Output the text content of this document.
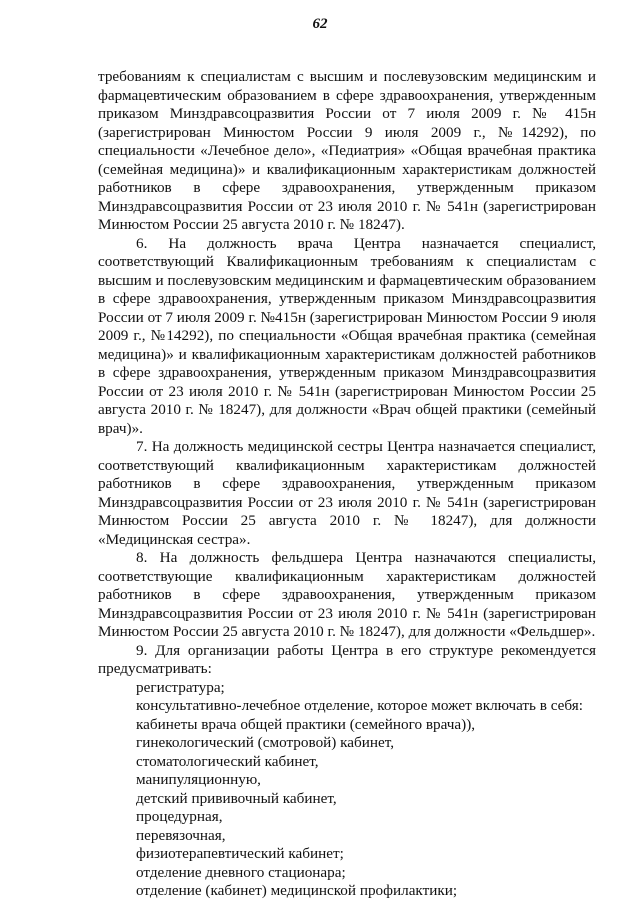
62

требованиям к специалистам с высшим и послевузовским медицинским и фармацевтическим образованием в сфере здравоохранения, утвержденным приказом Минздравсоцразвития России от 7 июля 2009 г. № 415н (зарегистрирован Минюстом России 9 июля 2009 г., №14292), по специальности «Лечебное дело», «Педиатрия» «Общая врачебная практика (семейная медицина)» и квалификационным характеристикам должностей работников в сфере здравоохранения, утвержденным приказом Минздравсоцразвития России от 23 июля 2010 г. № 541н (зарегистрирован Минюстом России 25 августа 2010 г. № 18247).

6. На должность врача Центра назначается специалист, соответствующий Квалификационным требованиям к специалистам с высшим и послевузовским медицинским и фармацевтическим образованием в сфере здравоохранения, утвержденным приказом Минздравсоцразвития России от 7 июля 2009 г. №415н (зарегистрирован Минюстом России 9 июля 2009 г., №14292), по специальности «Общая врачебная практика (семейная медицина)» и квалификационным характеристикам должностей работников в сфере здравоохранения, утвержденным приказом Минздравсоцразвития России от 23 июля 2010 г. № 541н (зарегистрирован Минюстом России 25 августа 2010 г. № 18247), для должности «Врач общей практики (семейный врач)».

7. На должность медицинской сестры Центра назначается специалист, соответствующий квалификационным характеристикам должностей работников в сфере здравоохранения, утвержденным приказом Минздравсоцразвития России от 23 июля 2010 г. № 541н (зарегистрирован Минюстом России 25 августа 2010 г. № 18247), для должности «Медицинская сестра».

8. На должность фельдшера Центра назначаются специалисты, соответствующие квалификационным характеристикам должностей работников в сфере здравоохранения, утвержденным приказом Минздравсоцразвития России от 23 июля 2010 г. № 541н (зарегистрирован Минюстом России 25 августа 2010 г. № 18247), для должности «Фельдшер».

9. Для организации работы Центра в его структуре рекомендуется предусматривать:

регистратура;
консультативно-лечебное отделение, которое может включать в себя:
кабинеты врача общей практики (семейного врача)),
гинекологический (смотровой) кабинет,
стоматологический кабинет,
манипуляционную,
детский прививочный кабинет,
процедурная,
перевязочная,
физиотерапевтический кабинет;
отделение дневного стационара;
отделение (кабинет) медицинской профилактики;
